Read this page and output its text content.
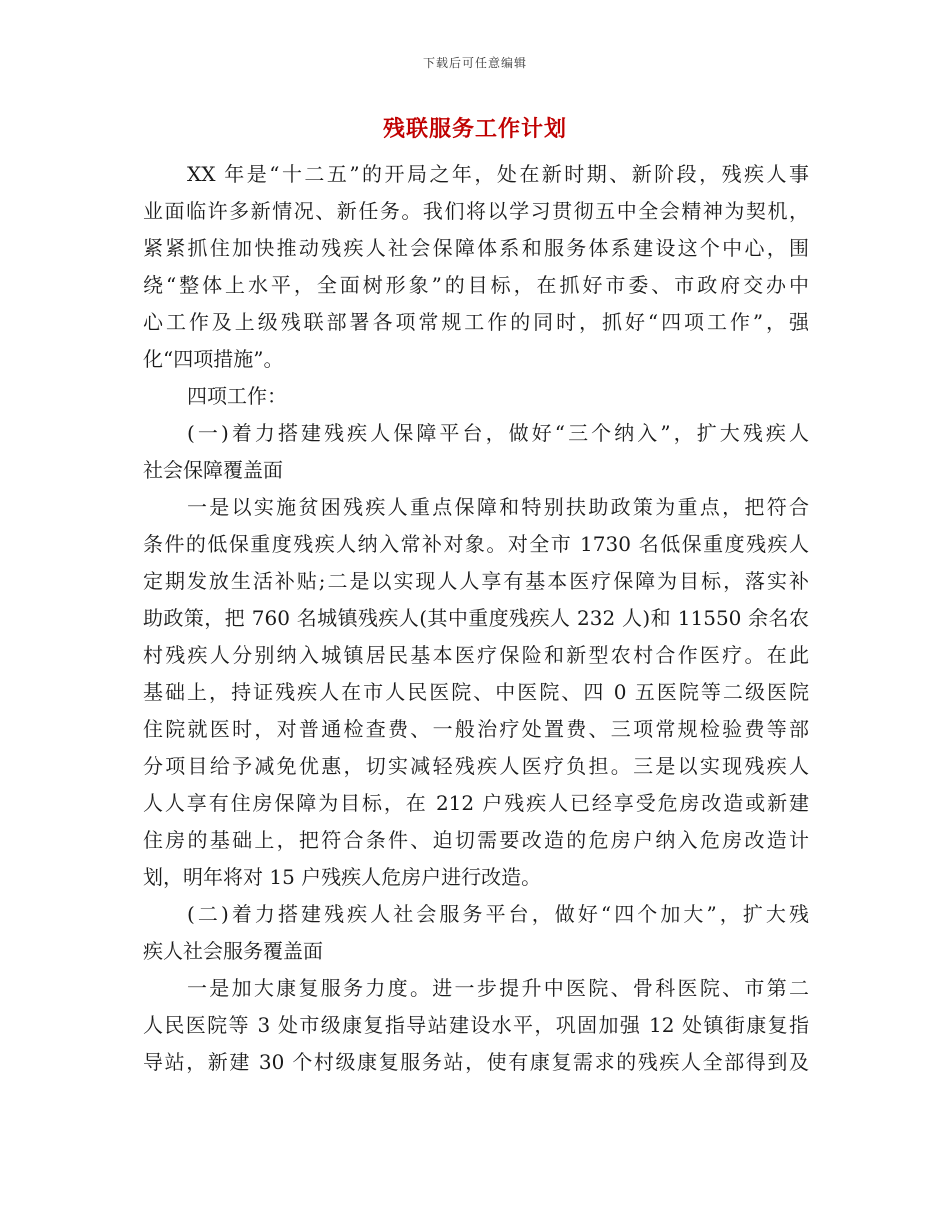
下载后可任意编辑
残联服务工作计划
XX 年是“十二五”的开局之年，处在新时期、新阶段，残疾人事
业面临许多新情况、新任务。我们将以学习贯彻五中全会精神为契机，
紧紧抓住加快推动残疾人社会保障体系和服务体系建设这个中心，围
绕“整体上水平，全面树形象”的目标，在抓好市委、市政府交办中
心工作及上级残联部署各项常规工作的同时，抓好“四项工作”，强
化“四项措施”。
四项工作：
(一)着力搭建残疾人保障平台，做好“三个纳入”，扩大残疾人
社会保障覆盖面
一是以实施贫困残疾人重点保障和特别扶助政策为重点，把符合
条件的低保重度残疾人纳入常补对象。对全市 1730 名低保重度残疾人
定期发放生活补贴;二是以实现人人享有基本医疗保障为目标，落实补
助政策，把 760 名城镇残疾人(其中重度残疾人 232 人)和 11550 余名农
村残疾人分别纳入城镇居民基本医疗保险和新型农村合作医疗。在此
基础上，持证残疾人在市人民医院、中医院、四 0 五医院等二级医院
住院就医时，对普通检查费、一般治疗处置费、三项常规检验费等部
分项目给予减免优惠，切实减轻残疾人医疗负担。三是以实现残疾人
人人享有住房保障为目标，在 212 户残疾人已经享受危房改造或新建
住房的基础上，把符合条件、迫切需要改造的危房户纳入危房改造计
划，明年将对 15 户残疾人危房户进行改造。
(二)着力搭建残疾人社会服务平台，做好“四个加大”，扩大残
疾人社会服务覆盖面
一是加大康复服务力度。进一步提升中医院、骨科医院、市第二
人民医院等 3 处市级康复指导站建设水平，巩固加强 12 处镇街康复指
导站，新建 30 个村级康复服务站，使有康复需求的残疾人全部得到及
